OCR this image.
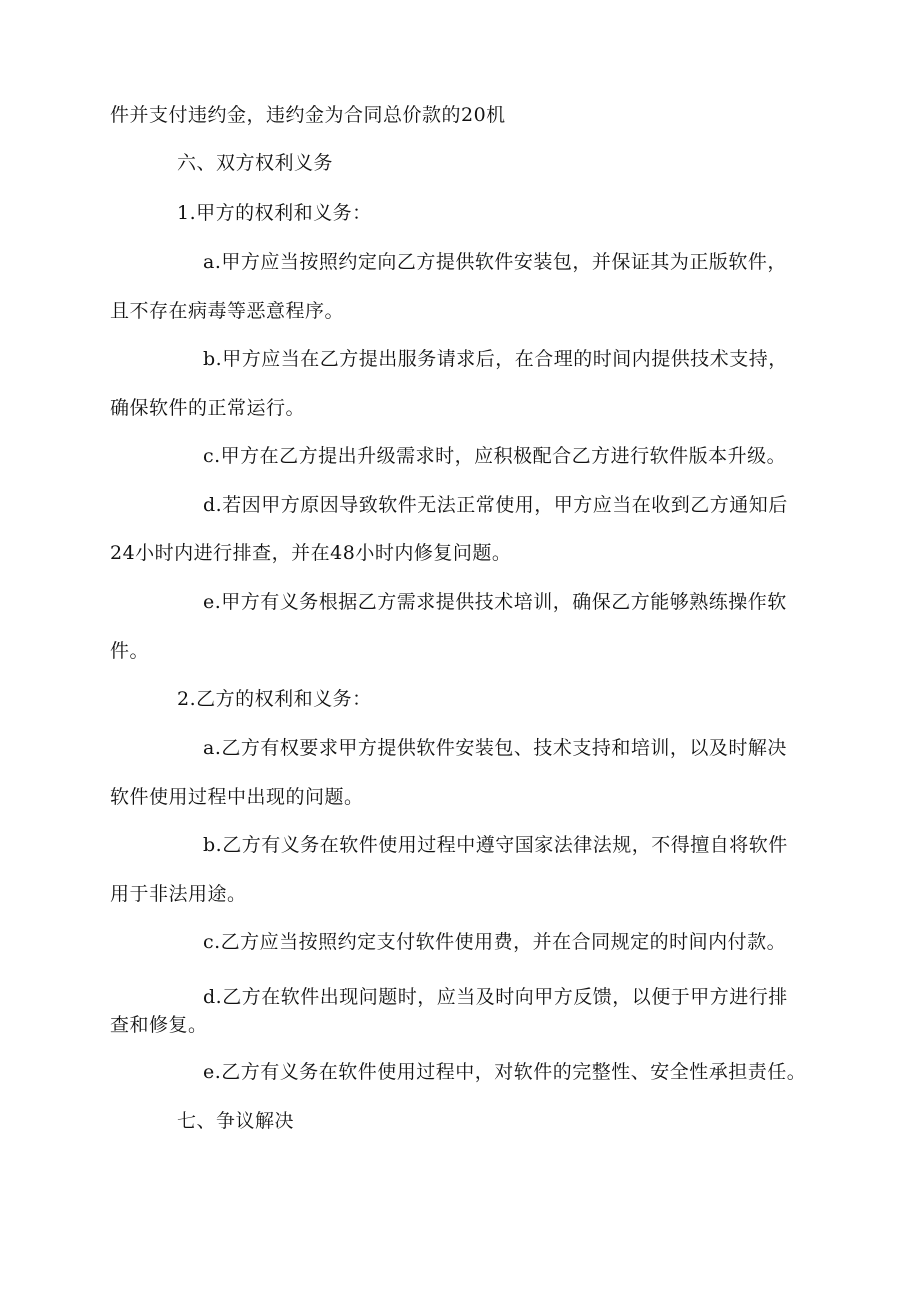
件并支付违约金，违约金为合同总价款的20机
六、双方权利义务
1.甲方的权利和义务：
a.甲方应当按照约定向乙方提供软件安装包，并保证其为正版软件，
且不存在病毒等恶意程序。
b.甲方应当在乙方提出服务请求后，在合理的时间内提供技术支持，
确保软件的正常运行。
c.甲方在乙方提出升级需求时，应积极配合乙方进行软件版本升级。
d.若因甲方原因导致软件无法正常使用，甲方应当在收到乙方通知后
24小时内进行排查，并在48小时内修复问题。
e.甲方有义务根据乙方需求提供技术培训，确保乙方能够熟练操作软
件。
2.乙方的权利和义务：
a.乙方有权要求甲方提供软件安装包、技术支持和培训，以及时解决
软件使用过程中出现的问题。
b.乙方有义务在软件使用过程中遵守国家法律法规，不得擅自将软件
用于非法用途。
c.乙方应当按照约定支付软件使用费，并在合同规定的时间内付款。
d.乙方在软件出现问题时，应当及时向甲方反馈，以便于甲方进行排
查和修复。
e.乙方有义务在软件使用过程中，对软件的完整性、安全性承担责任。
七、争议解决
